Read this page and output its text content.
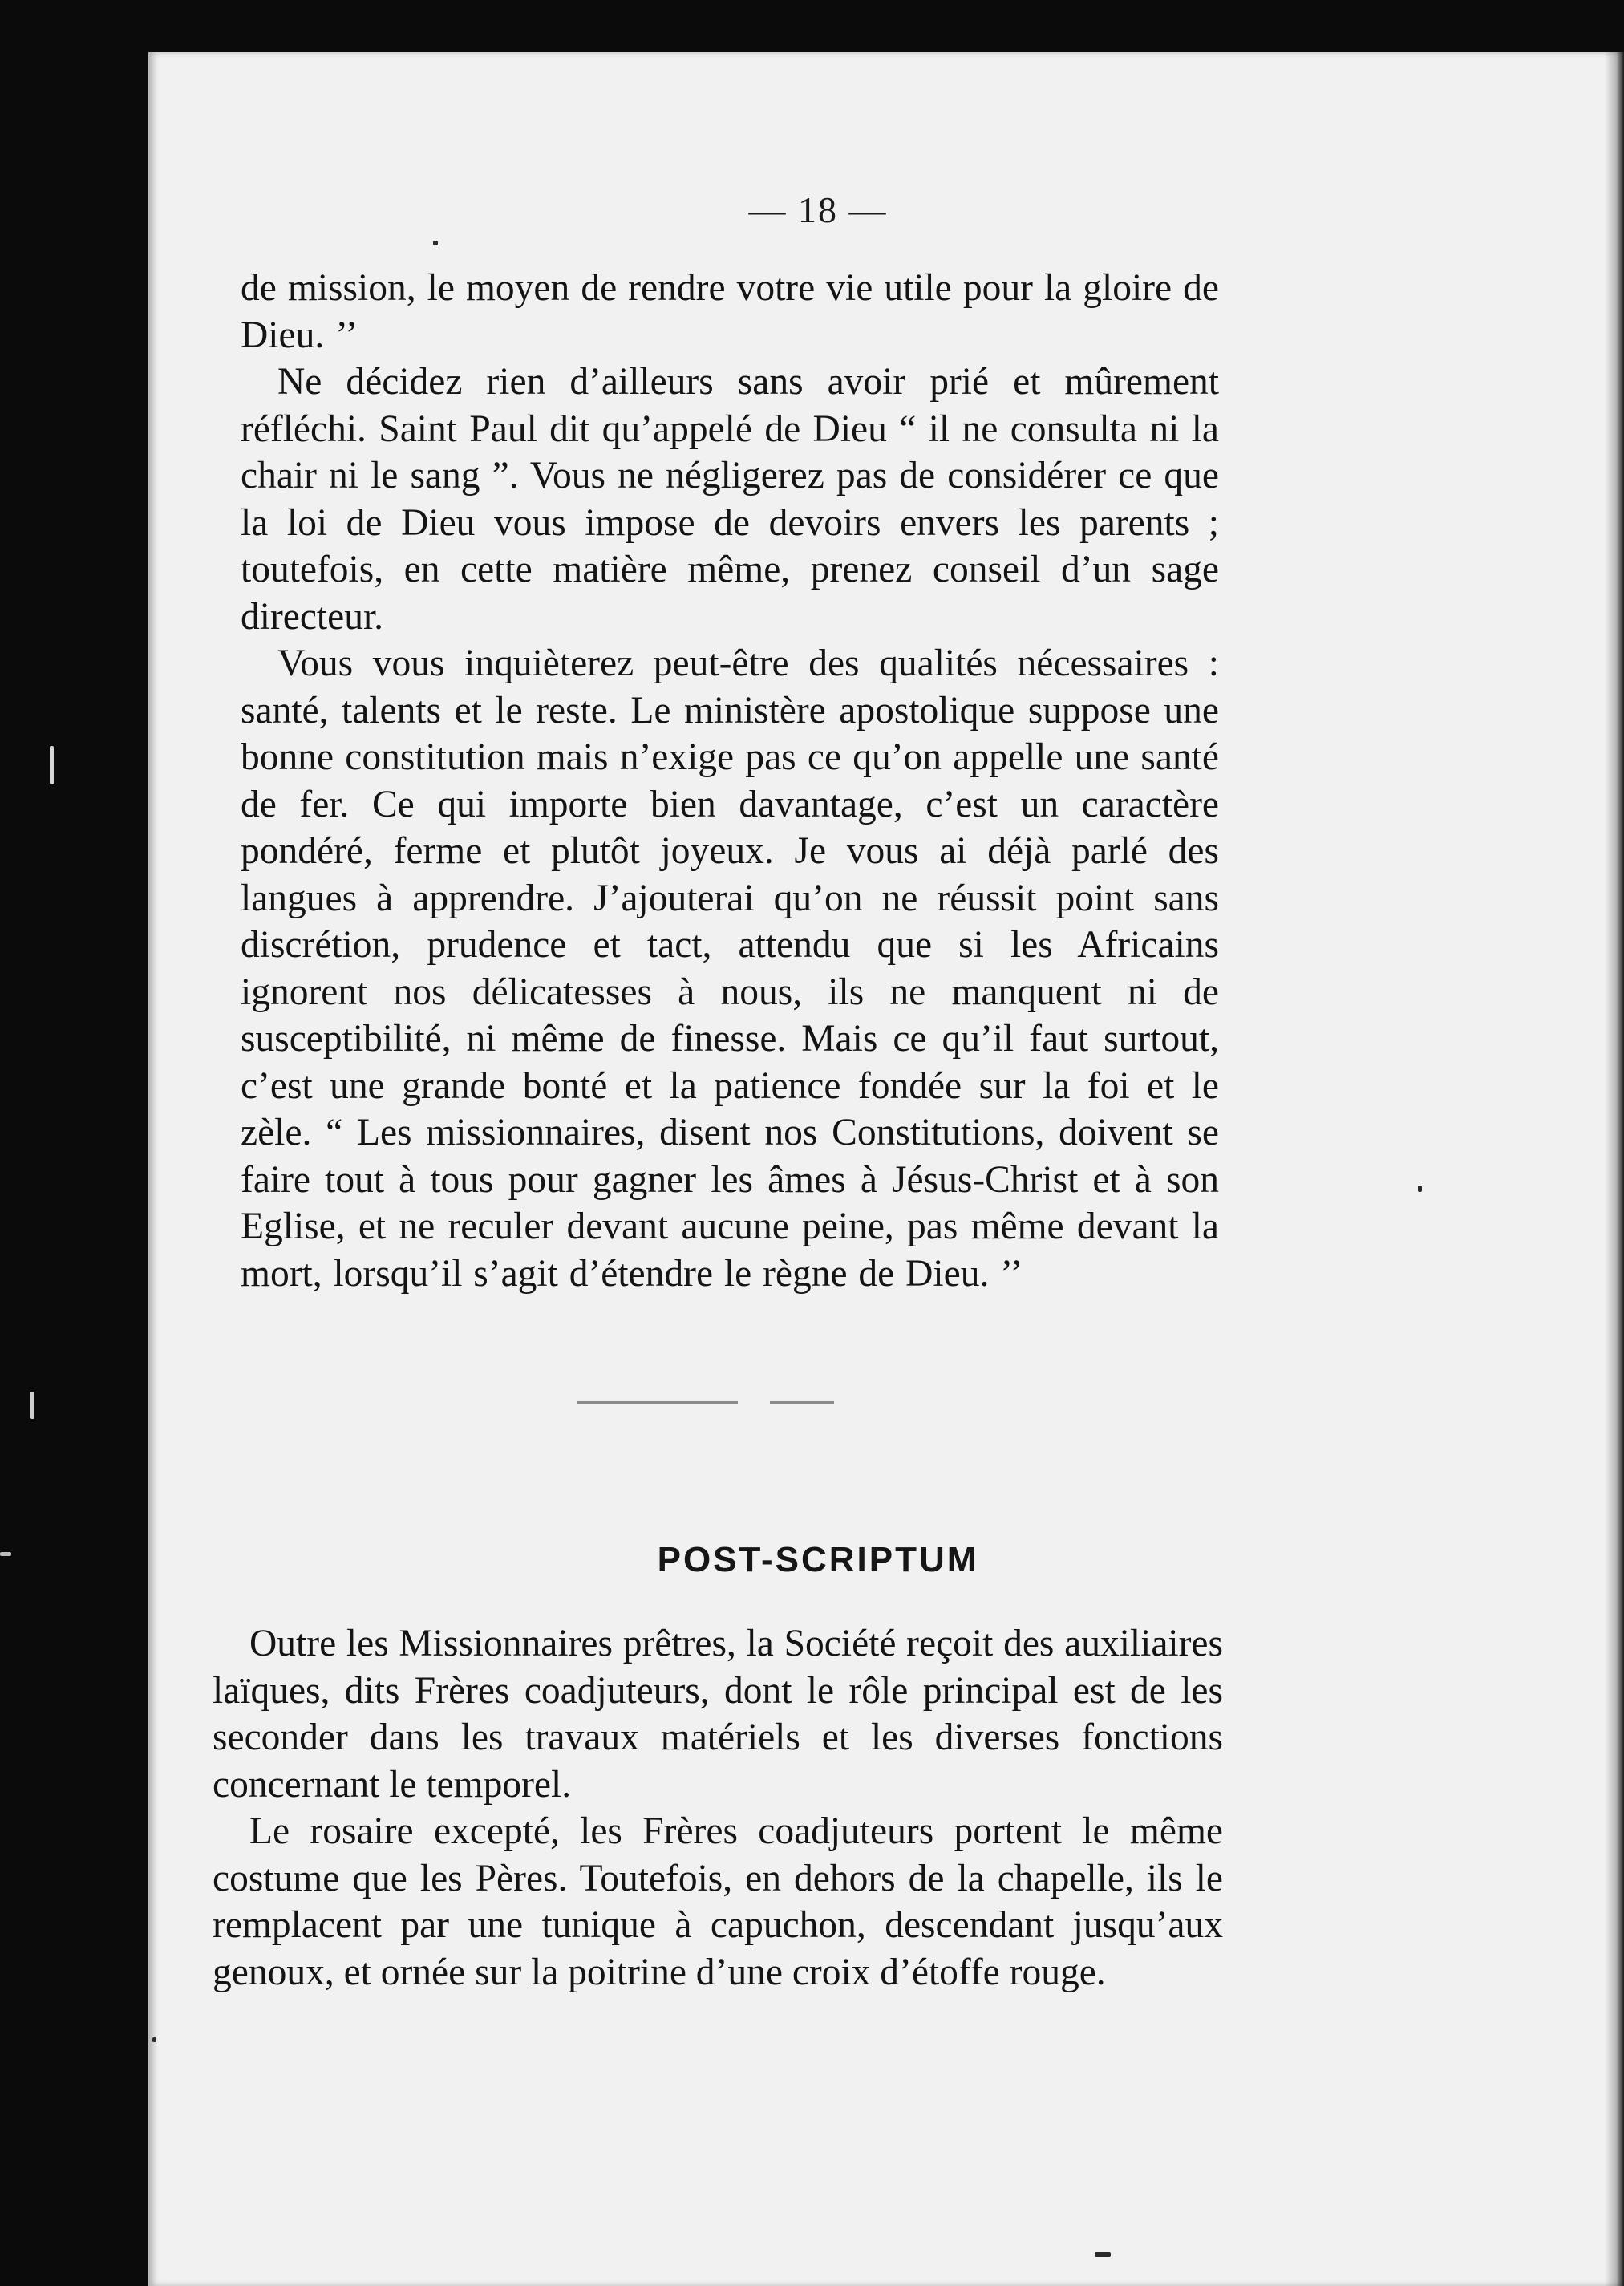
— 18 —

de mission, le moyen de rendre votre vie utile pour la gloire de Dieu. ’’

Ne décidez rien d’ailleurs sans avoir prié et mûrement réfléchi. Saint Paul dit qu’appelé de Dieu “ il ne consulta ni la chair ni le sang ”. Vous ne négligerez pas de considérer ce que la loi de Dieu vous impose de devoirs envers les parents ; toutefois, en cette matière même, prenez conseil d’un sage directeur.

Vous vous inquièterez peut-être des qualités nécessaires : santé, talents et le reste. Le ministère apostolique suppose une bonne constitution mais n’exige pas ce qu’on appelle une santé de fer. Ce qui importe bien davantage, c’est un caractère pondéré, ferme et plutôt joyeux. Je vous ai déjà parlé des langues à apprendre. J’ajouterai qu’on ne réussit point sans discrétion, prudence et tact, attendu que si les Africains ignorent nos délicatesses à nous, ils ne manquent ni de susceptibilité, ni même de finesse. Mais ce qu’il faut surtout, c’est une grande bonté et la patience fondée sur la foi et le zèle. “ Les missionnaires, disent nos Constitutions, doivent se faire tout à tous pour gagner les âmes à Jésus-Christ et à son Eglise, et ne reculer devant aucune peine, pas même devant la mort, lorsqu’il s’agit d’étendre le règne de Dieu. ’’

POST-SCRIPTUM

Outre les Missionnaires prêtres, la Société reçoit des auxiliaires laïques, dits Frères coadjuteurs, dont le rôle principal est de les seconder dans les travaux matériels et les diverses fonctions concernant le temporel.

Le rosaire excepté, les Frères coadjuteurs portent le même costume que les Pères. Toutefois, en dehors de la chapelle, ils le remplacent par une tunique à capuchon, descendant jusqu’aux genoux, et ornée sur la poitrine d’une croix d’étoffe rouge.
